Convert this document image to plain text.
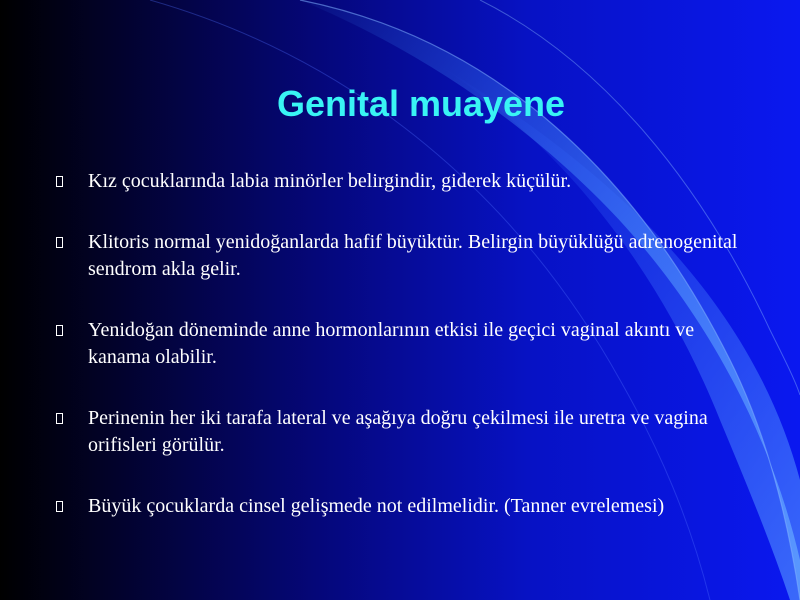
Genital muayene
Kız çocuklarında labia minörler belirgindir, giderek küçülür.
Klitoris normal yenidoğanlarda hafif büyüktür. Belirgin büyüklüğü adrenogenital sendrom akla gelir.
Yenidoğan döneminde anne hormonlarının etkisi ile geçici vaginal akıntı ve kanama olabilir.
Perinenin her iki tarafa lateral ve aşağıya doğru çekilmesi ile uretra ve vagina orifisleri görülür.
Büyük çocuklarda cinsel gelişmede not edilmelidir. (Tanner evrelemesi)
